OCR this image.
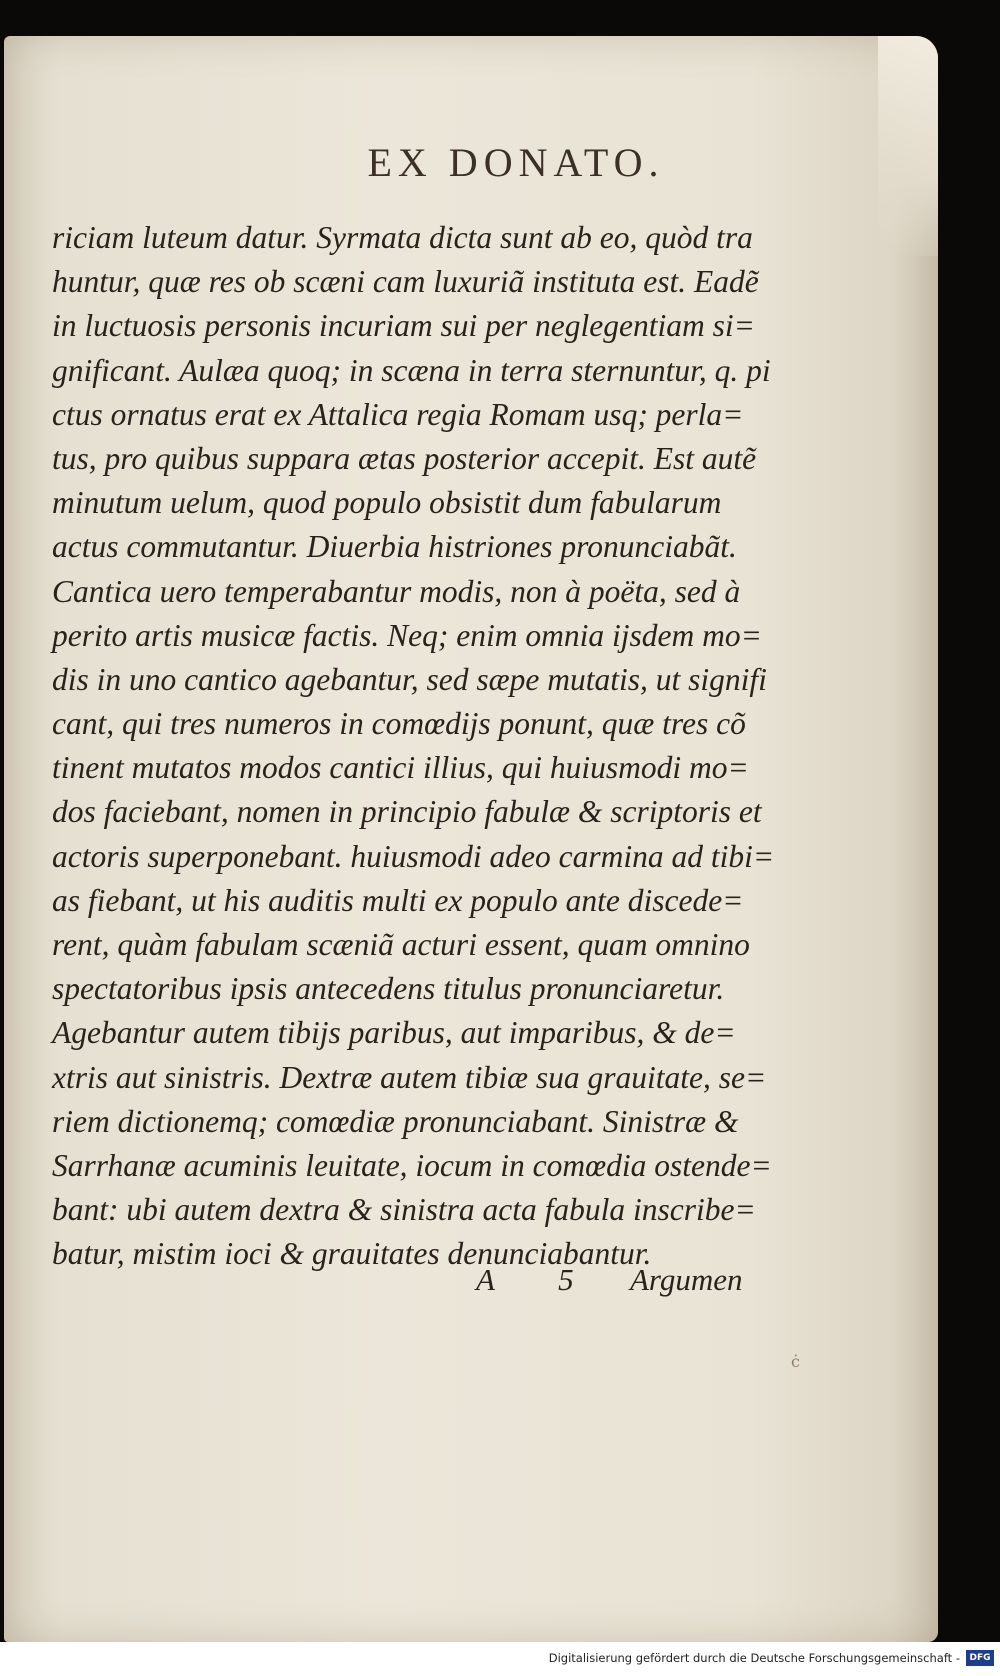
EX DONATO.
riciam luteum datur. Syrmata dicta sunt ab eo, quòd tra
huntur, quæ res ob scæni cam luxuriã instituta est. Eadẽ
in luctuosis personis incuriam sui per neglegentiam si=
gnificant. Aulæa quoq; in scæna in terra sternuntur, q. pi
ctus ornatus erat ex Attalica regia Romam usq; perla=
tus, pro quibus suppara ætas posterior accepit. Est autẽ
minutum uelum, quod populo obsistit dum fabularum
actus commutantur. Diuerbia histriones pronunciabãt.
Cantica uero temperabantur modis, non à poëta, sed à
perito artis musicæ factis. Neq; enim omnia ijsdem mo=
dis in uno cantico agebantur, sed sæpe mutatis, ut signifi
cant, qui tres numeros in comœdijs ponunt, quæ tres cõ
tinent mutatos modos cantici illius, qui huiusmodi mo=
dos faciebant, nomen in principio fabulæ & scriptoris et
actoris superponebant. huiusmodi adeo carmina ad tibi=
as fiebant, ut his auditis multi ex populo ante discede=
rent, quàm fabulam scæniã acturi essent, quam omnino
spectatoribus ipsis antecedens titulus pronunciaretur.
Agebantur autem tibijs paribus, aut imparibus, & de=
xtris aut sinistris. Dextræ autem tibiæ sua grauitate, se=
riem dictionemq; comœdiæ pronunciabant. Sinistræ &
Sarrhanæ acuminis leuitate, iocum in comœdia ostende=
bant: ubi autem dextra & sinistra acta fabula inscribe=
batur, mistim ioci & grauitates denunciabantur.
A 5 Argumen
ċ
Digitalisierung gefördert durch die Deutsche Forschungsgemeinschaft -	DFG
